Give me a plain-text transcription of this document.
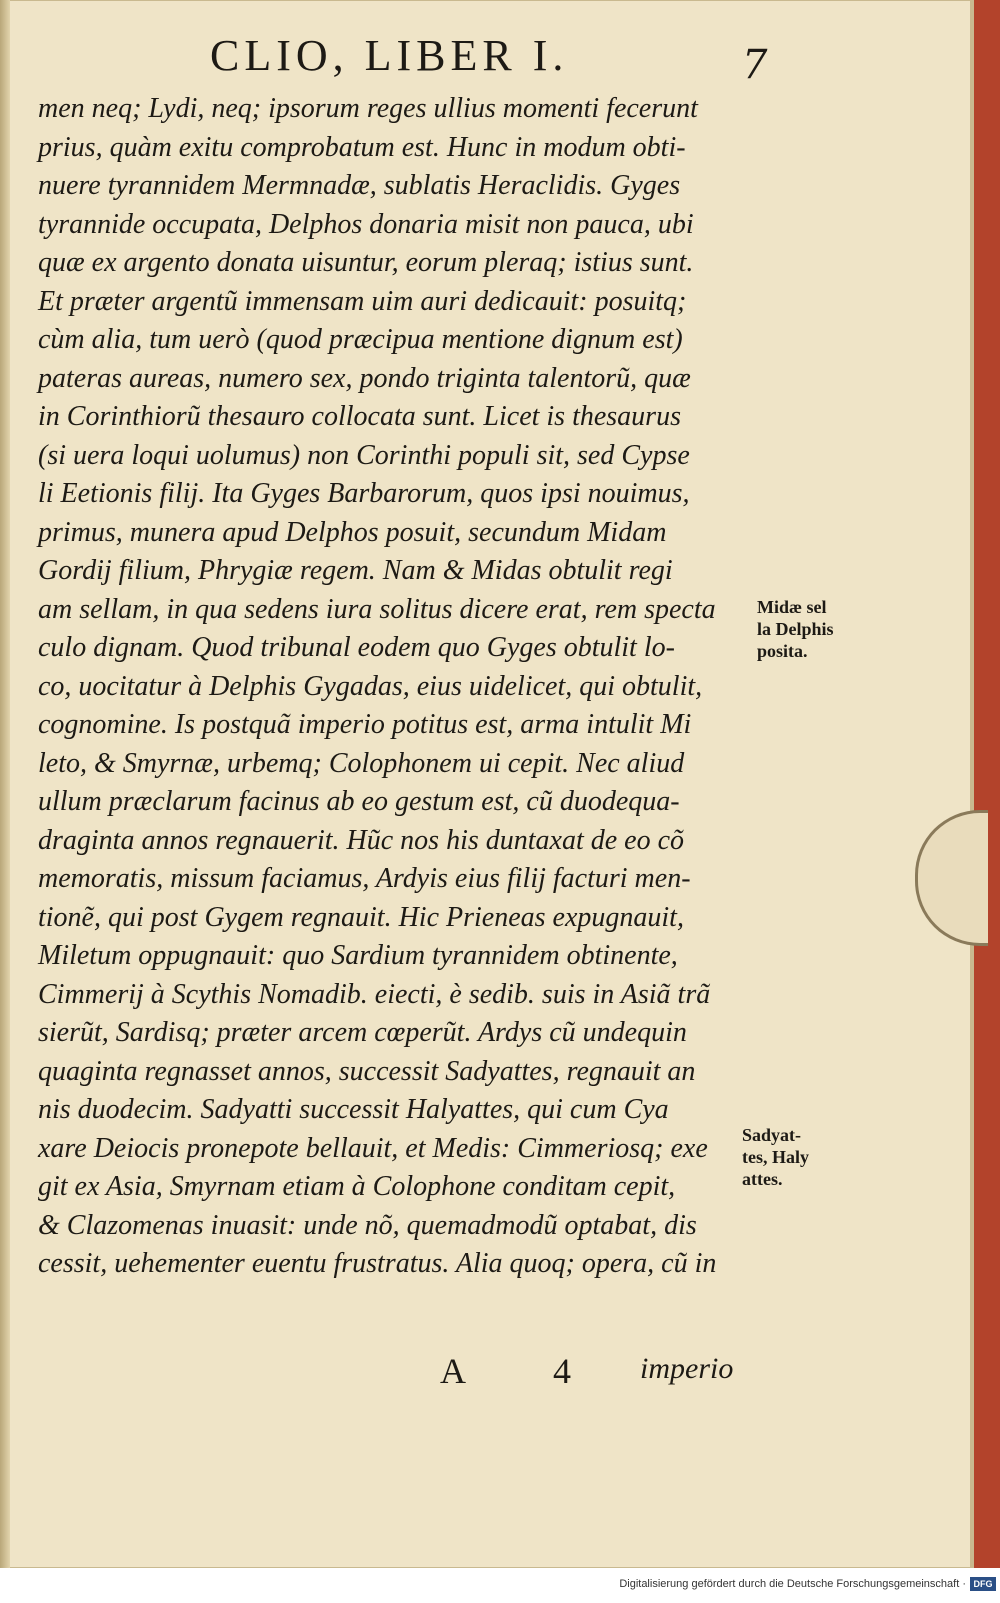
CLIO, LIBER I.	7
men neq; Lydi, neq; ipsorum reges ullius momenti fecerunt
prius, quàm exitu comprobatum est. Hunc in modum obti-
nuere tyrannidem Mermnadæ, sublatis Heraclidis. Gyges
tyrannide occupata, Delphos donaria misit non pauca, ubi
quæ ex argento donata uisuntur, eorum pleraq; istius sunt.
Et præter argentũ immensam uim auri dedicauit: posuitq;
cùm alia, tum uerò (quod præcipua mentione dignum est)
pateras aureas, numero sex, pondo triginta talentorũ, quæ
in Corinthiorũ thesauro collocata sunt. Licet is thesaurus
(si uera loqui uolumus) non Corinthi populi sit, sed Cypse
li Eetionis filij. Ita Gyges Barbarorum, quos ipsi nouimus,
primus, munera apud Delphos posuit, secundum Midam
Gordij filium, Phrygiæ regem. Nam & Midas obtulit regi
am sellam, in qua sedens iura solitus dicere erat, rem specta
culo dignam. Quod tribunal eodem quo Gyges obtulit lo-
co, uocitatur à Delphis Gygadas, eius uidelicet, qui obtulit,
cognomine. Is postquã imperio potitus est, arma intulit Mi
leto, & Smyrnæ, urbemq; Colophonem ui cepit. Nec aliud
ullum præclarum facinus ab eo gestum est, cũ duodequa-
draginta annos regnauerit. Hũc nos his duntaxat de eo cõ
memoratis, missum faciamus, Ardyis eius filij facturi men-
tionẽ, qui post Gygem regnauit. Hic Prieneas expugnauit,
Miletum oppugnauit: quo Sardium tyrannidem obtinente,
Cimmerij à Scythis Nomadib. eiecti, è sedib. suis in Asiã trã
sierũt, Sardisq; præter arcem cœperũt. Ardys cũ undequin
quaginta regnasset annos, successit Sadyattes, regnauit an
nis duodecim. Sadyatti successit Halyattes, qui cum Cya
xare Deiocis pronepote bellauit, et Medis: Cimmeriosq; exe
git ex Asia, Smyrnam etiam à Colophone conditam cepit,
& Clazomenas inuasit: unde nõ, quemadmodũ optabat, dis
cessit, uehementer euentu frustratus. Alia quoq; opera, cũ in
Midæ sel
la Delphis
posita.
Sadyat-
tes, Haly
attes.
A 4 imperio
Digitalisierung gefördert durch die Deutsche Forschungsgemeinschaft · DFG
